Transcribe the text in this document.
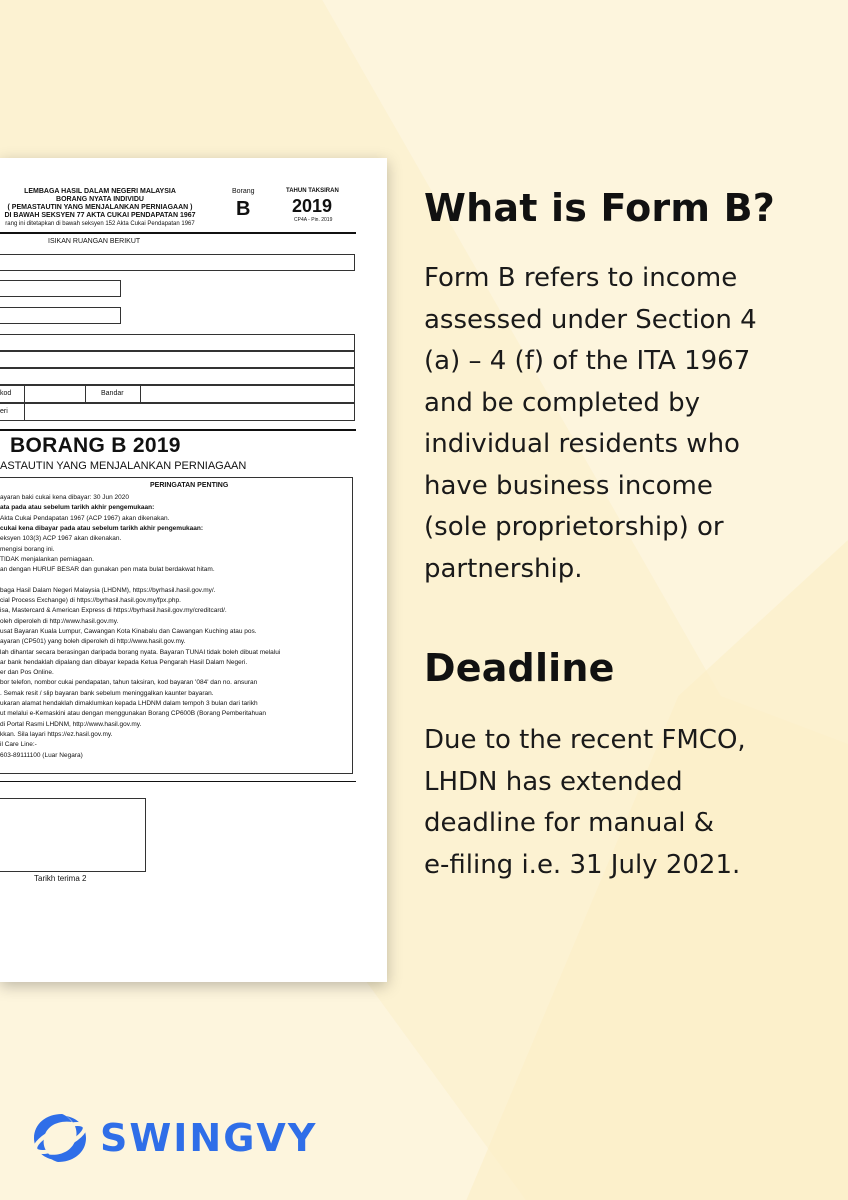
LEMBAGA HASIL DALAM NEGERI MALAYSIA
BORANG NYATA INDIVIDU
( PEMASTAUTIN YANG MENJALANKAN PERNIAGAAN )
DI BAWAH SEKSYEN 77 AKTA CUKAI PENDAPATAN 1967
rang ini ditetapkan di bawah seksyen 152 Akta Cukai Pendapatan 1967
Borang
B
TAHUN TAKSIRAN
2019
CP4A - Pin. 2019
ISIKAN RUANGAN BERIKUT
kod	Bandar
eri
BORANG B 2019
ASTAUTIN YANG MENJALANKAN PERNIAGAAN
PERINGATAN PENTING
ayaran baki cukai kena dibayar: 30 Jun 2020
ata pada atau sebelum tarikh akhir pengemukaan:
Akta Cukai Pendapatan 1967 (ACP 1967) akan dikenakan.
cukai kena dibayar pada atau sebelum tarikh akhir pengemukaan:
eksyen 103(3) ACP 1967 akan dikenakan.
mengisi borang ini.
TIDAK menjalankan perniagaan.
an dengan HURUF BESAR dan gunakan pen mata bulat berdakwat hitam.
baga Hasil Dalam Negeri Malaysia (LHDNM), https://byrhasil.hasil.gov.my/.
cial Process Exchange) di https://byrhasil.hasil.gov.my/fpx.php.
isa, Mastercard & American Express di https://byrhasil.hasil.gov.my/creditcard/.
oleh diperoleh di http://www.hasil.gov.my.
usat Bayaran Kuala Lumpur, Cawangan Kota Kinabalu dan Cawangan Kuching atau pos.
ayaran (CP501) yang boleh diperoleh di http://www.hasil.gov.my.
lah dihantar secara berasingan daripada borang nyata. Bayaran TUNAI tidak boleh dibuat melalui
ar bank hendaklah dipalang dan dibayar kepada Ketua Pengarah Hasil Dalam Negeri.
er dan Pos Online.
bor telefon, nombor cukai pendapatan, tahun taksiran, kod bayaran '084' dan no. ansuran
. Semak resit / slip bayaran bank sebelum meninggalkan kaunter bayaran.
ukaran alamat hendaklah dimaklumkan kepada LHDNM dalam tempoh 3 bulan dari tarikh
ut melalui e-Kemaskini atau dengan menggunakan Borang CP600B (Borang Pemberitahuan
di Portal Rasmi LHDNM, http://www.hasil.gov.my.
kkan. Sila layari https://ez.hasil.gov.my.
il Care Line:-
603-89111100 (Luar Negara)
Tarikh terima 2
What is Form B?
Form B refers to income
assessed under Section 4
(a) – 4 (f) of the ITA 1967
and be completed by
individual residents who
have business income
(sole proprietorship) or
partnership.
Deadline
Due to the recent FMCO,
LHDN has extended
deadline for manual &
e-filing i.e. 31 July 2021.
SWINGVY
